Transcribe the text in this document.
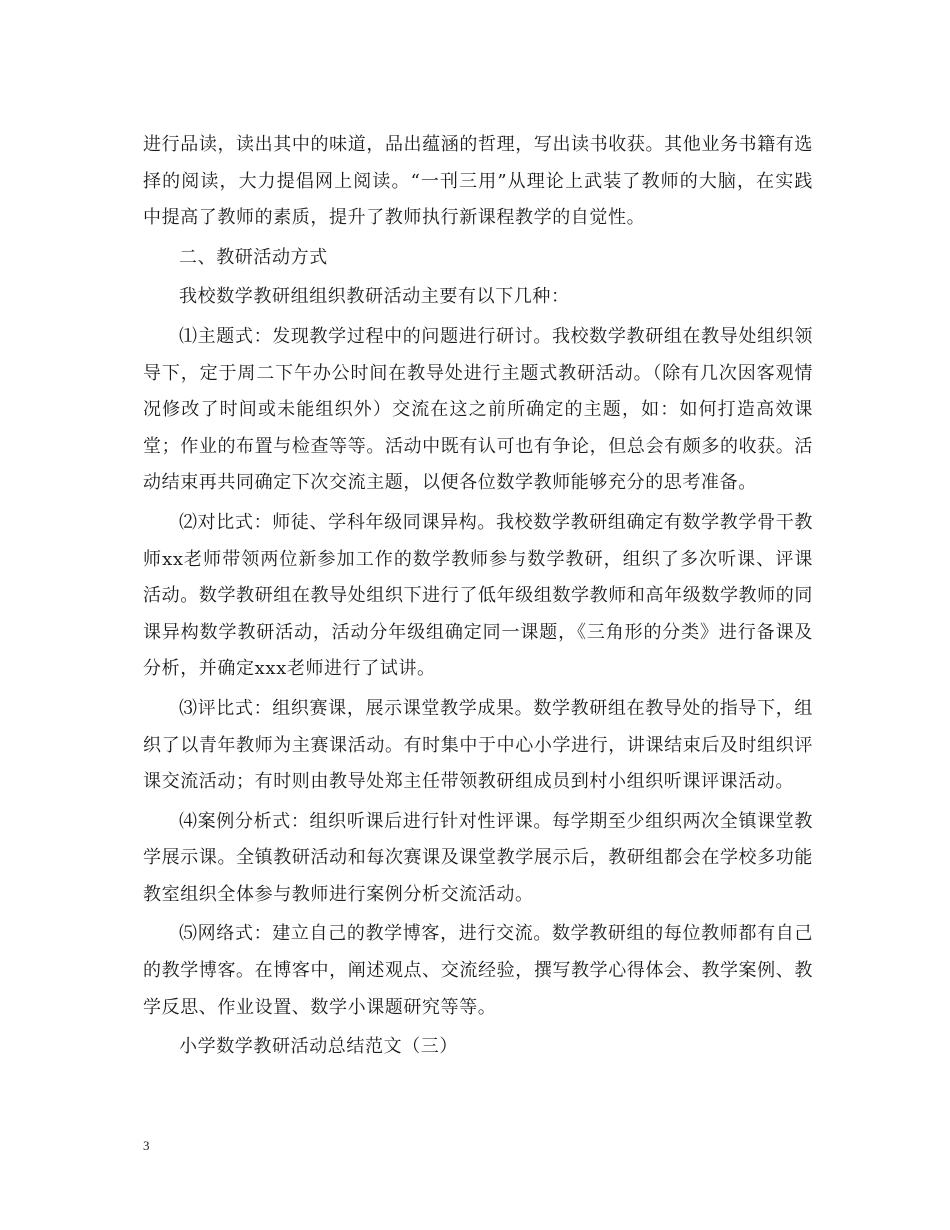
进行品读，读出其中的味道，品出蕴涵的哲理，写出读书收获。其他业务书籍有选择的阅读，大力提倡网上阅读。“一刊三用”从理论上武装了教师的大脑，在实践中提高了教师的素质，提升了教师执行新课程教学的自觉性。

二、教研活动方式

我校数学教研组组织教研活动主要有以下几种：

⑴主题式：发现教学过程中的问题进行研讨。我校数学教研组在教导处组织领导下，定于周二下午办公时间在教导处进行主题式教研活动。（除有几次因客观情况修改了时间或未能组织外）交流在这之前所确定的主题，如：如何打造高效课堂；作业的布置与检查等等。活动中既有认可也有争论，但总会有颇多的收获。活动结束再共同确定下次交流主题，以便各位数学教师能够充分的思考准备。

⑵对比式：师徒、学科年级同课异构。我校数学教研组确定有数学教学骨干教师xx老师带领两位新参加工作的数学教师参与数学教研，组织了多次听课、评课活动。数学教研组在教导处组织下进行了低年级组数学教师和高年级数学教师的同课异构数学教研活动，活动分年级组确定同一课题，《三角形的分类》进行备课及分析，并确定xxx老师进行了试讲。

⑶评比式：组织赛课，展示课堂教学成果。数学教研组在教导处的指导下，组织了以青年教师为主赛课活动。有时集中于中心小学进行，讲课结束后及时组织评课交流活动；有时则由教导处郑主任带领教研组成员到村小组织听课评课活动。

⑷案例分析式：组织听课后进行针对性评课。每学期至少组织两次全镇课堂教学展示课。全镇教研活动和每次赛课及课堂教学展示后，教研组都会在学校多功能教室组织全体参与教师进行案例分析交流活动。

⑸网络式：建立自己的教学博客，进行交流。数学教研组的每位教师都有自己的教学博客。在博客中，阐述观点、交流经验，撰写教学心得体会、教学案例、教学反思、作业设置、数学小课题研究等等。

小学数学教研活动总结范文（三）

3
